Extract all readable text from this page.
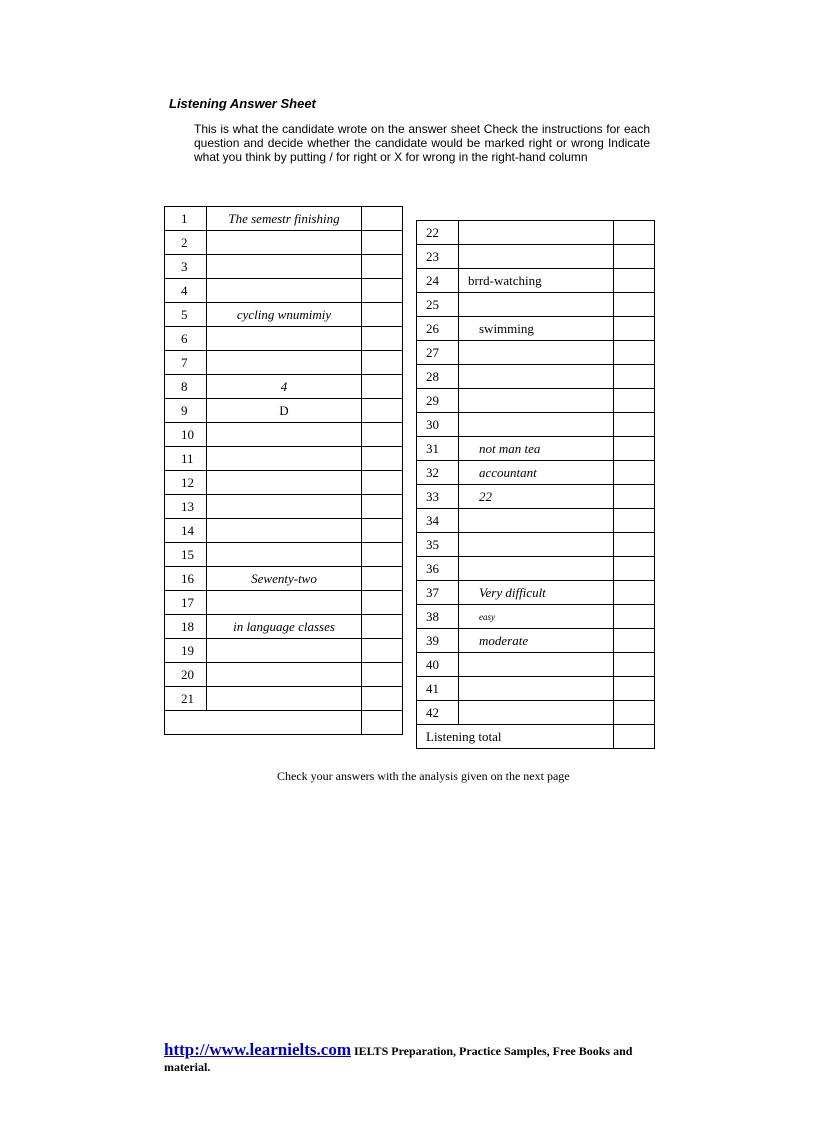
Listening Answer Sheet
This is what the candidate wrote on the answer sheet Check the instructions for each question and decide whether the candidate would be marked right or wrong Indicate what you think by putting / for right or X for wrong in the right-hand column
1	The semestr finishing	
2		
3		
4		
5	cycling wnumimiy	
6		
7		
8	4	
9	D	
10		
11		
12		
13		
14		
15		
16	Sewenty-two	
17		
18	in language classes	
19		
20		
21		

22		
23		
24	brrd-watching	
25		
26	swimming	
27		
28		
29		
30		
31	not man tea	
32	accountant	
33	22	
34		
35		
36		
37	Very difficult	
38	easy	
39	moderate	
40		
41		
42		
Listening total		
Check your answers with the analysis given on the next page
http://www.learnielts.com IELTS Preparation, Practice Samples, Free Books and material.
